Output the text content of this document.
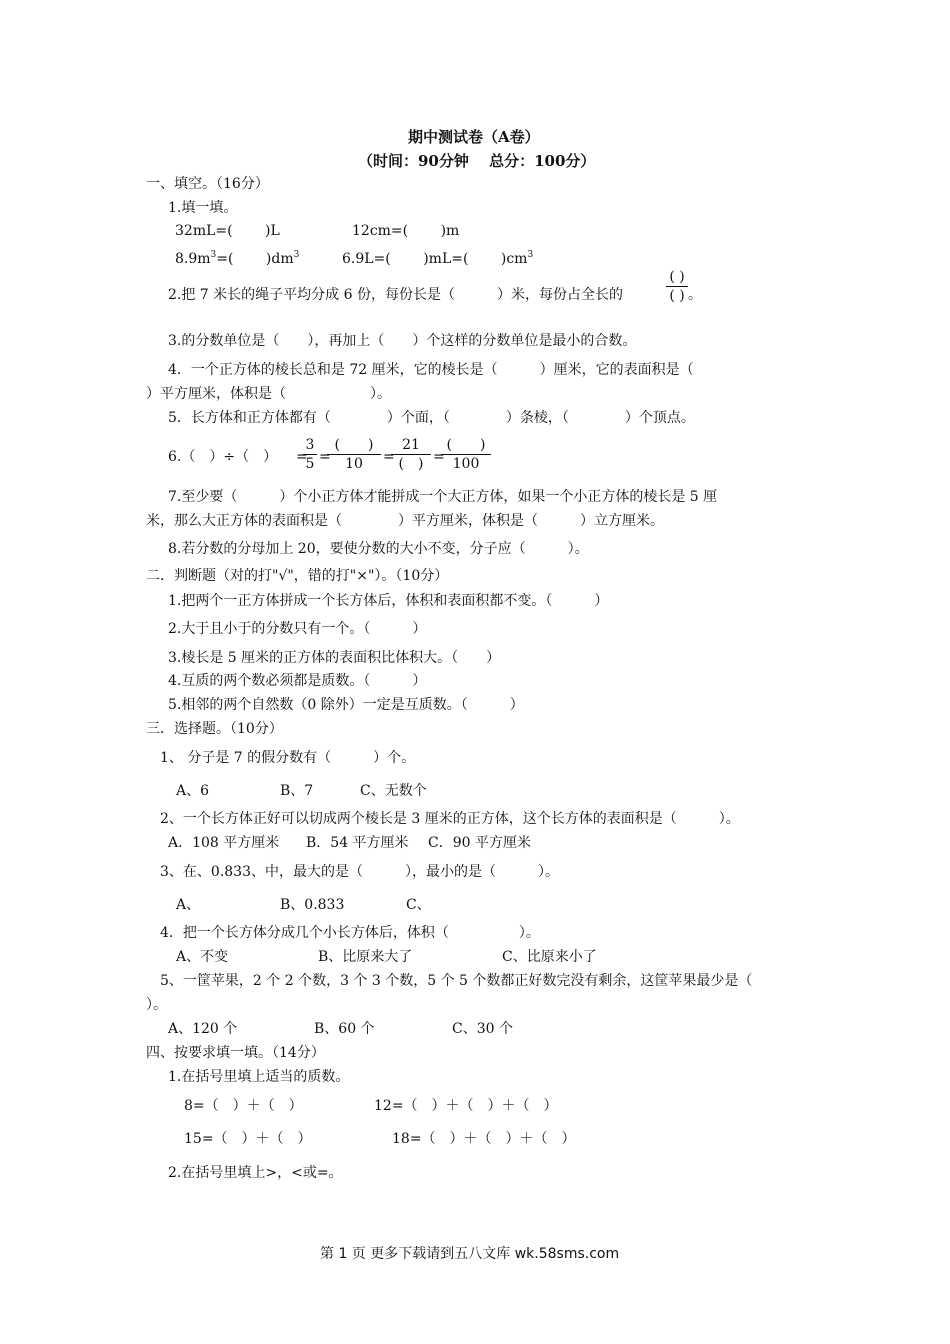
期中测试卷（A卷）
（时间：90分钟　 总分：100分）
一、填空。（16分）
1.填一填。
32mL=(　　 )L	12cm=(　　 )m
$8.9m^3=$(　　 )$dm^3$	6.9L=(　　 )mL=(　　 )$cm^3$
2.把 7 米长的绳子平均分成 6 份，每份长是（　　　）米，每份占全长的
( )
( ) 。
3.的分数单位是（　　），再加上（　　）个这样的分数单位是最小的合数。
4．一个正方体的棱长总和是 72 厘米，它的棱长是（　　　）厘米，它的表面积是（
）平方厘米，体积是（　　　　　　）。
5．长方体和正方体都有（　　　　）个面，（　　　　）条棱，（　　　　）个顶点。
6.（　）÷（　） =
3
5 =
(　　)
10	=
21
(　) =
(　　)
100
7.至少要（　　　）个小正方体才能拼成一个大正方体，如果一个小正方体的棱长是 5 厘
米，那么大正方体的表面积是（　　　　）平方厘米，体积是（　　　）立方厘米。
8.若分数的分母加上 20，要使分数的大小不变，分子应（　　　）。
二．判断题（对的打"√"，错的打"×"）。（10分）
1.把两个一正方体拼成一个长方体后，体积和表面积都不变。（　　　）
2.大于且小于的分数只有一个。（　　　）
3.棱长是 5 厘米的正方体的表面积比体积大。（　　）
4.互质的两个数必须都是质数。（　　　）
5.相邻的两个自然数（0 除外）一定是互质数。（　　　）
三．选择题。（10分）
1、 分子是 7 的假分数有（　　　）个。
A、6	B、7	C、无数个
2、一个长方体正好可以切成两个棱长是 3 厘米的正方体，这个长方体的表面积是（　　　）。
A．108 平方厘米 B．54 平方厘米 C．90 平方厘米
3、在、0.833、中，最大的是（　　　），最小的是（　　　）。
A、	B、0.833	C、
4．把一个长方体分成几个小长方体后，体积（　　　　　）。
A、不变	B、比原来大了	C、比原来小了
5、一筐苹果，2 个 2 个数，3 个 3 个数，5 个 5 个数都正好数完没有剩余，这筐苹果最少是（
）。
A、120 个	B、60 个	C、30 个
四、按要求填一填。（14分）
1.在括号里填上适当的质数。
8=（　）＋（　）	12=（　）＋（　）＋（　）
15=（　）＋（　）	18=（　）＋（　）＋（　）
2.在括号里填上>，<或=。
第 1 页 更多下载请到五八文库 wk.58sms.com
